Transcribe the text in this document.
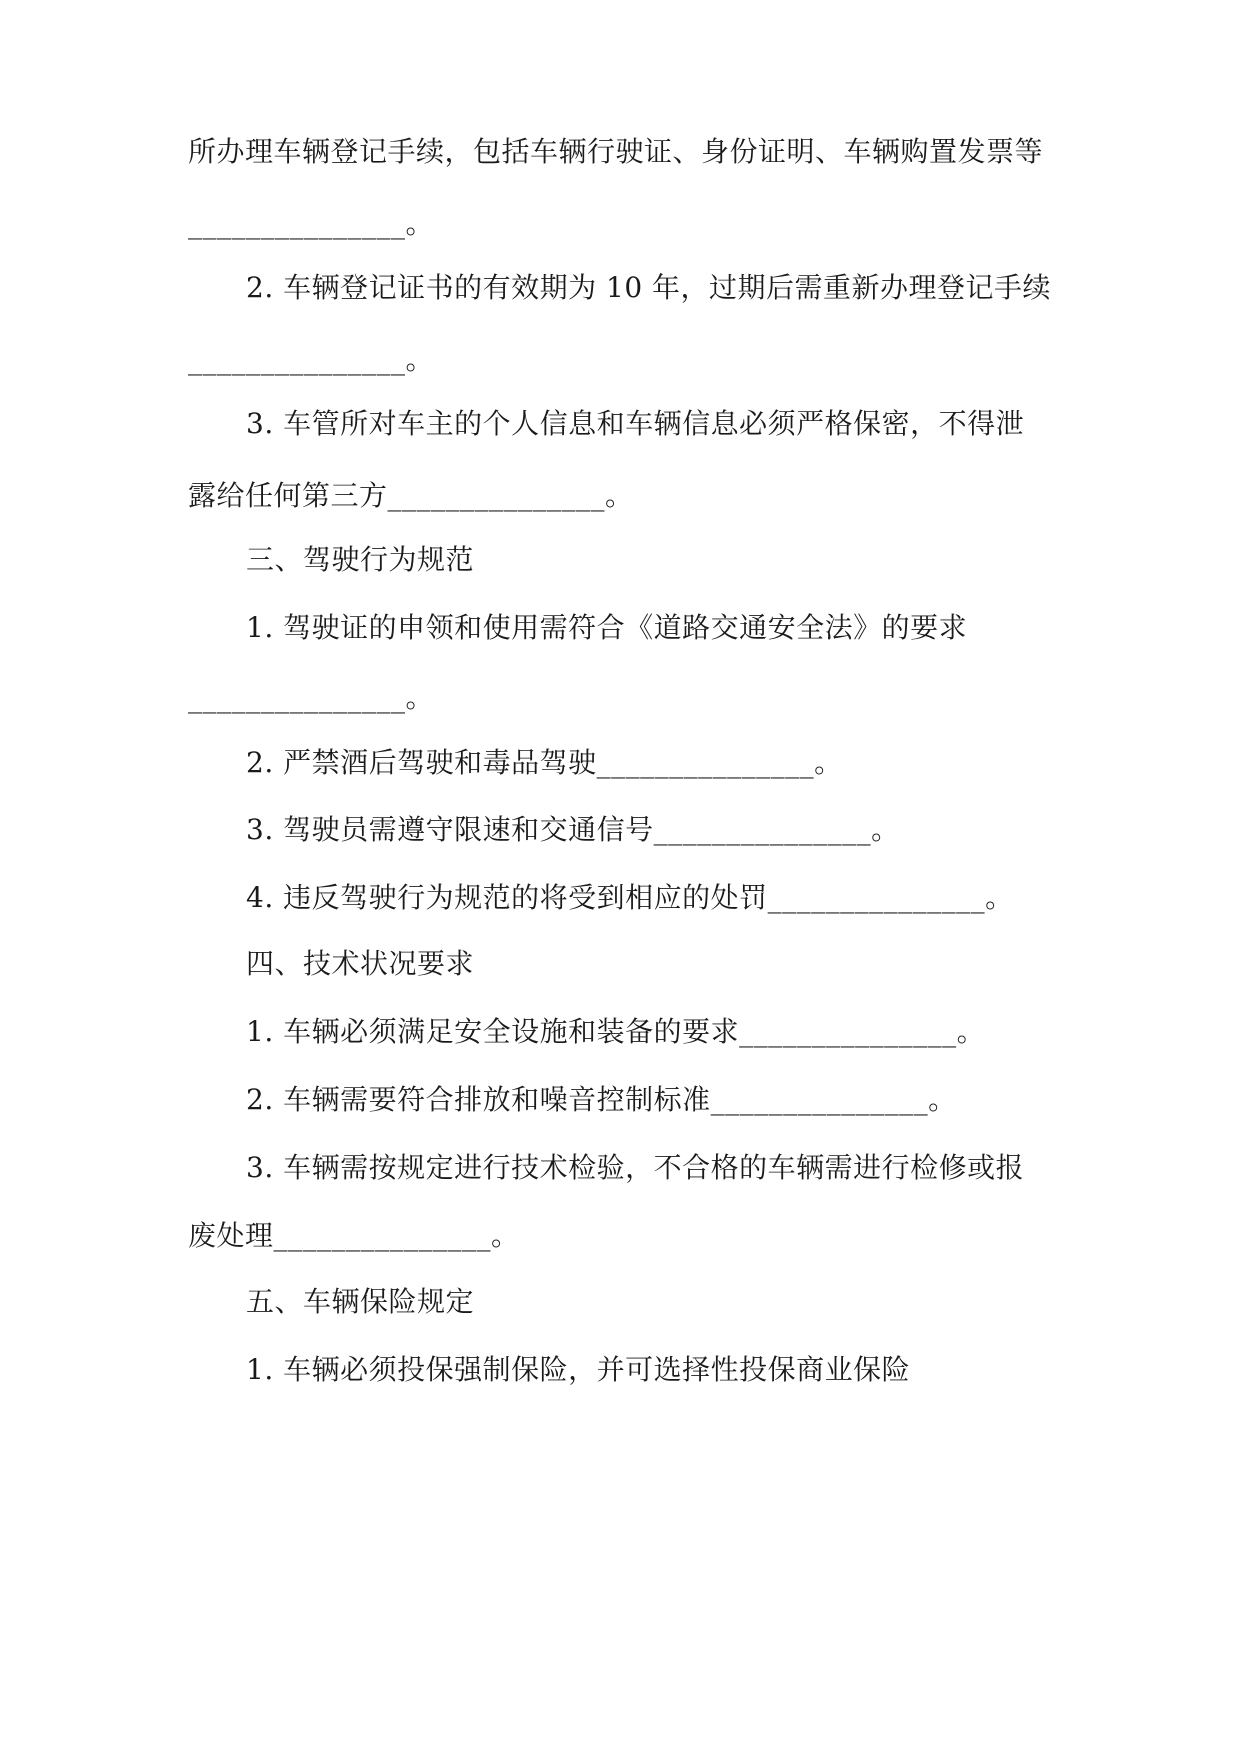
所办理车辆登记手续，包括车辆行驶证、身份证明、车辆购置发票等
_______________。
2. 车辆登记证书的有效期为 10 年，过期后需重新办理登记手续
_______________。
3. 车管所对车主的个人信息和车辆信息必须严格保密，不得泄
露给任何第三方_______________。
三、驾驶行为规范
1. 驾驶证的申领和使用需符合《道路交通安全法》的要求
_______________。
2. 严禁酒后驾驶和毒品驾驶_______________。
3. 驾驶员需遵守限速和交通信号_______________。
4. 违反驾驶行为规范的将受到相应的处罚_______________。
四、技术状况要求
1. 车辆必须满足安全设施和装备的要求_______________。
2. 车辆需要符合排放和噪音控制标准_______________。
3. 车辆需按规定进行技术检验，不合格的车辆需进行检修或报
废处理_______________。
五、车辆保险规定
1. 车辆必须投保强制保险，并可选择性投保商业保险
